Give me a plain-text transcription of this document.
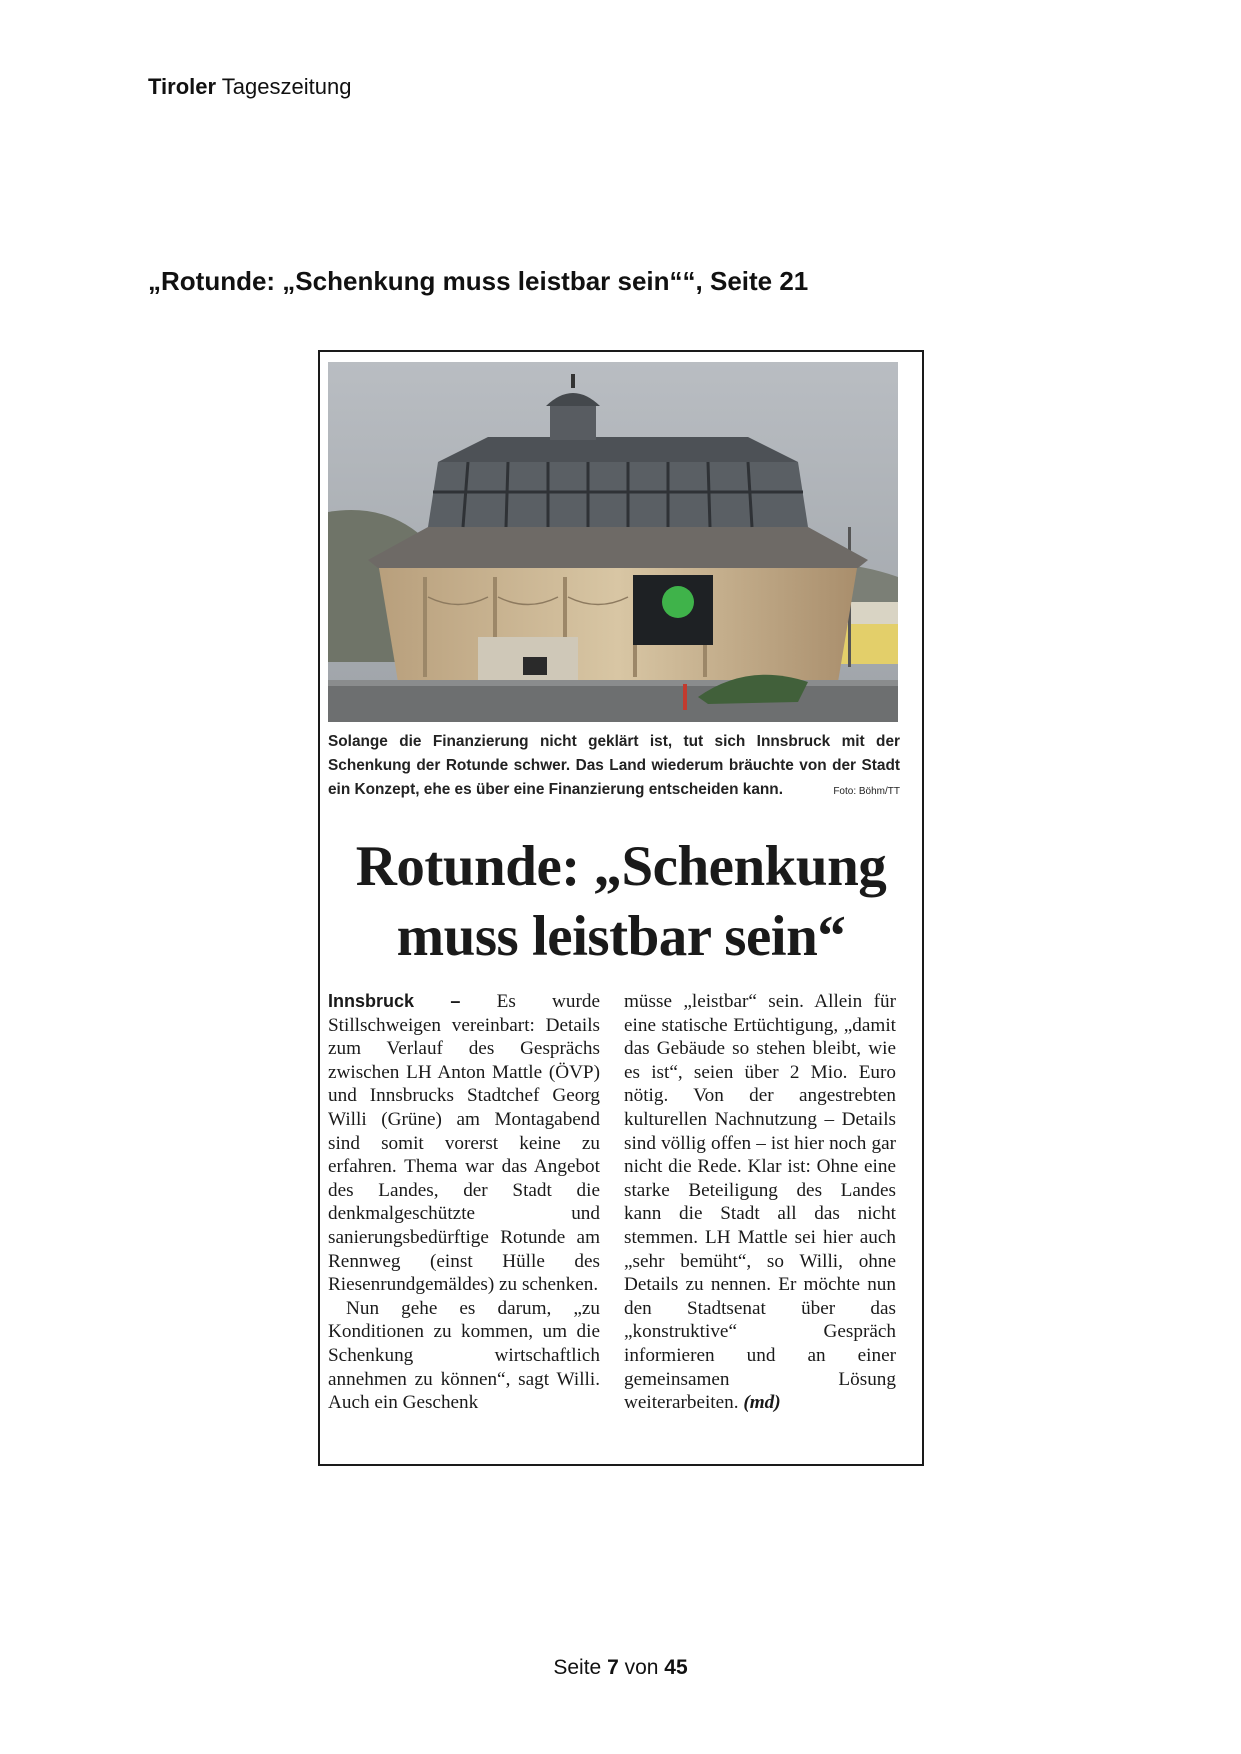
Tiroler Tageszeitung
„Rotunde: „Schenkung muss leistbar sein““, Seite 21
Solange die Finanzierung nicht geklärt ist, tut sich Innsbruck mit der Schenkung der Rotunde schwer. Das Land wiederum bräuchte von der Stadt ein Konzept, ehe es über eine Finanzierung entscheiden kann.	Foto: Böhm/TT
Rotunde: „Schenkung muss leistbar sein“

Innsbruck – Es wurde Stillschweigen vereinbart: Details zum Verlauf des Gesprächs zwischen LH Anton Mattle (ÖVP) und Innsbrucks Stadtchef Georg Willi (Grüne) am Montagabend sind somit vorerst keine zu erfahren. Thema war das Angebot des Landes, der Stadt die denkmalgeschützte und sanierungsbedürftige Rotunde am Rennweg (einst Hülle des Riesenrundgemäldes) zu schenken.

Nun gehe es darum, „zu Konditionen zu kommen, um die Schenkung wirtschaftlich annehmen zu können“, sagt Willi. Auch ein Geschenk

müsse „leistbar“ sein. Allein für eine statische Ertüchtigung, „damit das Gebäude so stehen bleibt, wie es ist“, seien über 2 Mio. Euro nötig. Von der angestrebten kulturellen Nachnutzung – Details sind völlig offen – ist hier noch gar nicht die Rede. Klar ist: Ohne eine starke Beteiligung des Landes kann die Stadt all das nicht stemmen. LH Mattle sei hier auch „sehr bemüht“, so Willi, ohne Details zu nennen. Er möchte nun den Stadtsenat über das „konstruktive“ Gespräch informieren und an einer gemeinsamen Lösung weiterarbeiten. (md)

Seite 7 von 45
